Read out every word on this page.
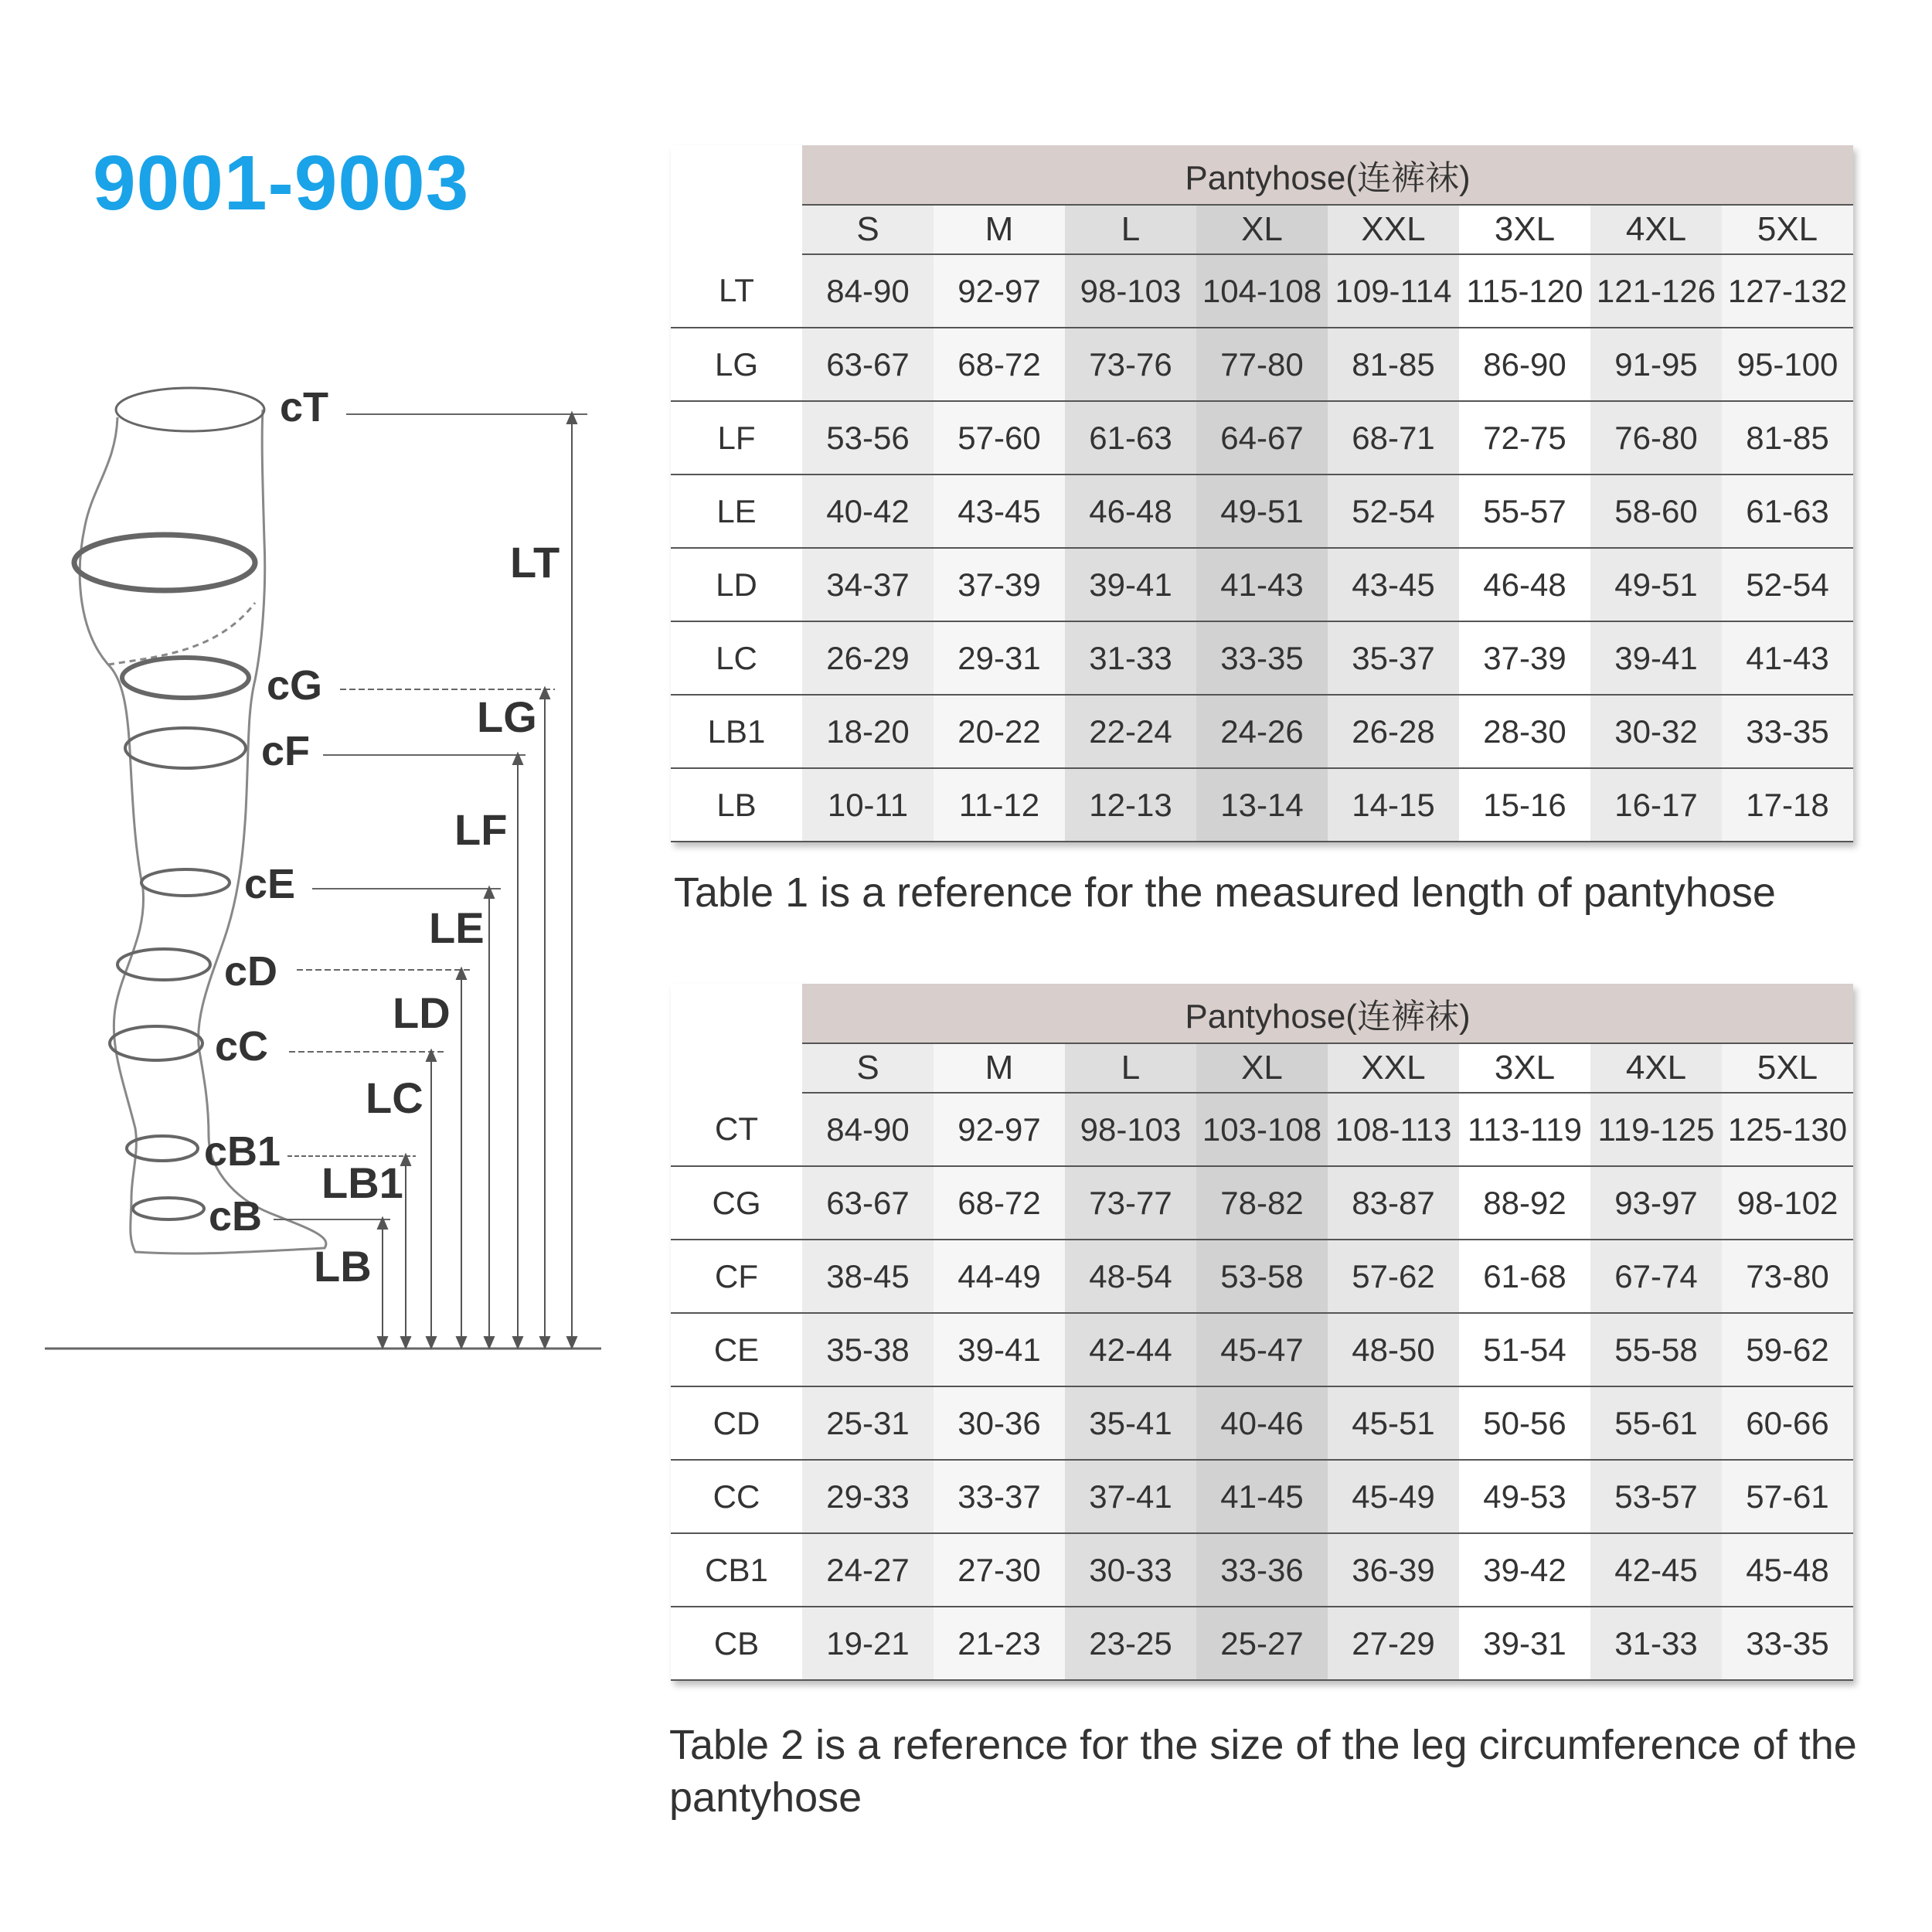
9001-9003
cT
cG
cF
cE
cD
cC
cB1
cB
LT
LG
LF
LE
LD
LC
LB1
LB
	Pantyhose(连裤袜)							
	S	M	L	XL	XXL	3XL	4XL	5XL
LT	84-90	92-97	98-103	104-108	109-114	115-120	121-126	127-132
LG	63-67	68-72	73-76	77-80	81-85	86-90	91-95	95-100
LF	53-56	57-60	61-63	64-67	68-71	72-75	76-80	81-85
LE	40-42	43-45	46-48	49-51	52-54	55-57	58-60	61-63
LD	34-37	37-39	39-41	41-43	43-45	46-48	49-51	52-54
LC	26-29	29-31	31-33	33-35	35-37	37-39	39-41	41-43
LB1	18-20	20-22	22-24	24-26	26-28	28-30	30-32	33-35
LB	10-11	11-12	12-13	13-14	14-15	15-16	16-17	17-18
Table 1 is a reference for the measured length of pantyhose
	Pantyhose(连裤袜)							
	S	M	L	XL	XXL	3XL	4XL	5XL
CT	84-90	92-97	98-103	103-108	108-113	113-119	119-125	125-130
CG	63-67	68-72	73-77	78-82	83-87	88-92	93-97	98-102
CF	38-45	44-49	48-54	53-58	57-62	61-68	67-74	73-80
CE	35-38	39-41	42-44	45-47	48-50	51-54	55-58	59-62
CD	25-31	30-36	35-41	40-46	45-51	50-56	55-61	60-66
CC	29-33	33-37	37-41	41-45	45-49	49-53	53-57	57-61
CB1	24-27	27-30	30-33	33-36	36-39	39-42	42-45	45-48
CB	19-21	21-23	23-25	25-27	27-29	39-31	31-33	33-35
Table 2 is a reference for the size of the leg circumference of the pantyhose
